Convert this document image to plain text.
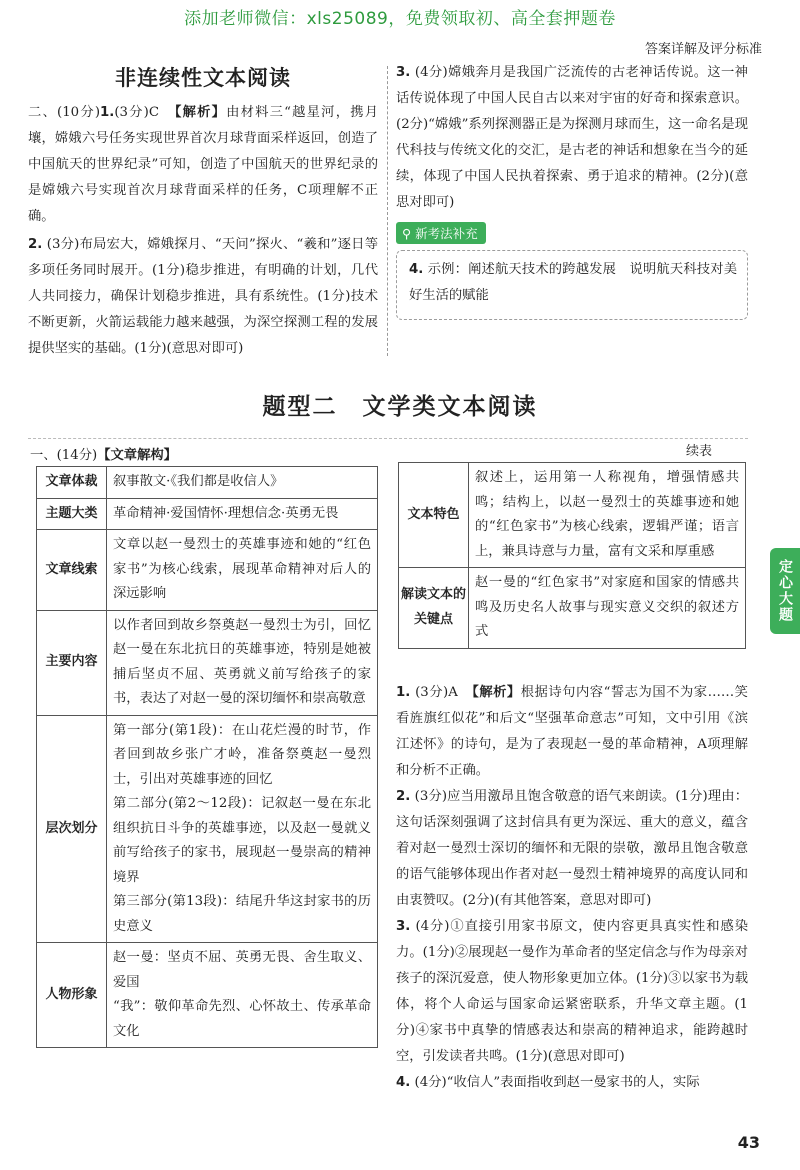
添加老师微信：xls25089，免费领取初、高全套押题卷
答案详解及评分标准
非连续性文本阅读
二、(10分)1.(3分)C　 【解析】由材料三“越星河，携月壤，嫦娥六号任务实现世界首次月球背面采样返回，创造了中国航天的世界纪录”可知，创造了中国航天的世界纪录的是嫦娥六号实现首次月球背面采样的任务，C项理解不正确。
2. (3分)布局宏大，嫦娥探月、“天问”探火、“羲和”逐日等多项任务同时展开。(1分)稳步推进，有明确的计划，几代人共同接力，确保计划稳步推进，具有系统性。(1分)技术不断更新，火箭运载能力越来越强，为深空探测工程的发展提供坚实的基础。(1分)(意思对即可)
3. (4分)嫦娥奔月是我国广泛流传的古老神话传说。这一神话传说体现了中国人民自古以来对宇宙的好奇和探索意识。(2分)“嫦娥”系列探测器正是为探测月球而生，这一命名是现代科技与传统文化的交汇，是古老的神话和想象在当今的延续，体现了中国人民执着探索、勇于追求的精神。(2分)(意思对即可)
⚲ 新考法补充
4. 示例：阐述航天技术的跨越发展　说明航天科技对美好生活的赋能
题型二　文学类文本阅读
一、(14分)【文章解构】	续表
文章体裁	叙事散文·《我们都是收信人》
主题大类	革命精神·爱国情怀·理想信念·英勇无畏
文章线索	文章以赵一曼烈士的英雄事迹和她的“红色家书”为核心线索，展现革命精神对后人的深远影响
主要内容	以作者回到故乡祭奠赵一曼烈士为引，回忆赵一曼在东北抗日的英雄事迹，特别是她被捕后坚贞不屈、英勇就义前写给孩子的家书，表达了对赵一曼的深切缅怀和崇高敬意
层次划分	第一部分(第1段)：在山花烂漫的时节，作者回到故乡张广才岭，准备祭奠赵一曼烈士，引出对英雄事迹的回忆
第二部分(第2～12段)：记叙赵一曼在东北组织抗日斗争的英雄事迹，以及赵一曼就义前写给孩子的家书，展现赵一曼崇高的精神境界
第三部分(第13段)：结尾升华这封家书的历史意义

人物形象	赵一曼：坚贞不屈、英勇无畏、舍生取义、爱国
“我”：敬仰革命先烈、心怀故土、传承革命文化
文本特色	叙述上，运用第一人称视角，增强情感共鸣；结构上，以赵一曼烈士的英雄事迹和她的“红色家书”为核心线索，逻辑严谨；语言上，兼具诗意与力量，富有文采和厚重感
解读文本的关键点	赵一曼的“红色家书”对家庭和国家的情感共鸣及历史名人故事与现实意义交织的叙述方式
1. (3分)A　 【解析】根据诗句内容“誓志为国不为家……笑看旌旗红似花”和后文“坚强革命意志”可知，文中引用《滨江述怀》的诗句，是为了表现赵一曼的革命精神，A项理解和分析不正确。
2. (3分)应当用激昂且饱含敬意的语气来朗读。(1分)理由：这句话深刻强调了这封信具有更为深远、重大的意义，蕴含着对赵一曼烈士深切的缅怀和无限的崇敬，激昂且饱含敬意的语气能够体现出作者对赵一曼烈士精神境界的高度认同和由衷赞叹。(2分)(有其他答案，意思对即可)
3. (4分)①直接引用家书原文，使内容更具真实性和感染力。(1分)②展现赵一曼作为革命者的坚定信念与作为母亲对孩子的深沉爱意，使人物形象更加立体。(1分)③以家书为载体，将个人命运与国家命运紧密联系，升华文章主题。(1分)④家书中真挚的情感表达和崇高的精神追求，能跨越时空，引发读者共鸣。(1分)(意思对即可)
4. (4分)“收信人”表面指收到赵一曼家书的人，实际
定心大题
43
